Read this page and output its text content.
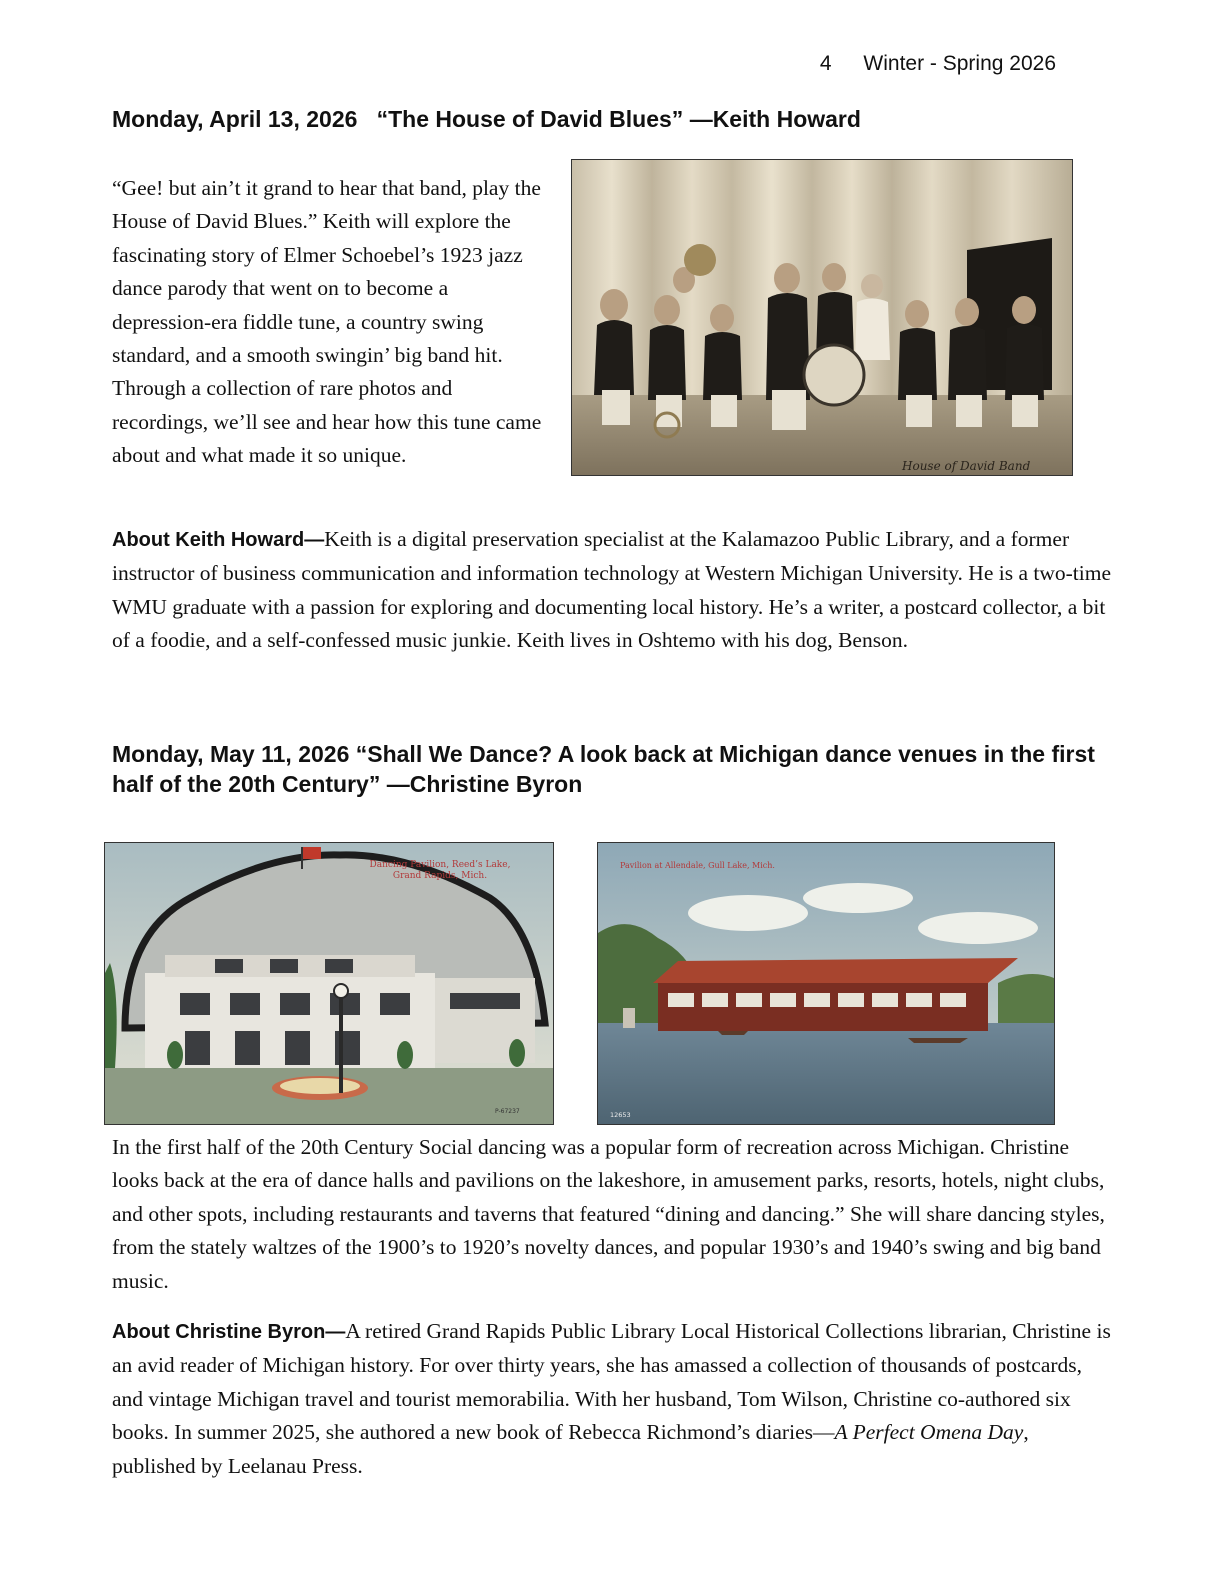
4 Winter - Spring 2026
Monday, April 13, 2026   “The House of David Blues” —Keith Howard
“Gee! but ain’t it grand to hear that band, play the House of David Blues.” Keith will explore the fascinating story of Elmer Schoebel’s 1923 jazz dance parody that went on to become a depression-era fiddle tune, a country swing standard, and a smooth swingin’ big band hit. Through a collection of rare photos and recordings, we’ll see and hear how this tune came about and what made it so unique.	House of David Band
About Keith Howard—Keith is a digital preservation specialist at the Kalamazoo Public Library, and a former instructor of business communication and information technology at Western Michigan University. He is a two-time WMU graduate with a passion for exploring and documenting local history. He’s a writer, a postcard collector, a bit of a foodie, and a self-confessed music junkie. Keith lives in Oshtemo with his dog, Benson.
Monday, May 11, 2026 “Shall We Dance? A look back at Michigan dance venues in the first half of the 20th Century” —Christine Byron
Dancing Pavilion, Reed’s Lake,
Grand Rapids, Mich.
P-67237
Pavilion at Allendale, Gull Lake, Mich.
12653
In the first half of the 20th Century Social dancing was a popular form of recreation across Michigan. Christine looks back at the era of dance halls and pavilions on the lakeshore, in amusement parks, resorts, hotels, night clubs, and other spots, including restaurants and taverns that featured “dining and dancing.” She will share dancing styles, from the stately waltzes of the 1900’s to 1920’s novelty dances, and popular 1930’s and 1940’s swing and big band music.
About Christine Byron—A retired Grand Rapids Public Library Local Historical Collections librarian, Christine is an avid reader of Michigan history. For over thirty years, she has amassed a collection of thousands of postcards, and vintage Michigan travel and tourist memorabilia. With her husband, Tom Wilson, Christine co-authored six books. In summer 2025, she authored a new book of Rebecca Richmond’s diaries—A Perfect Omena Day, published by Leelanau Press.
